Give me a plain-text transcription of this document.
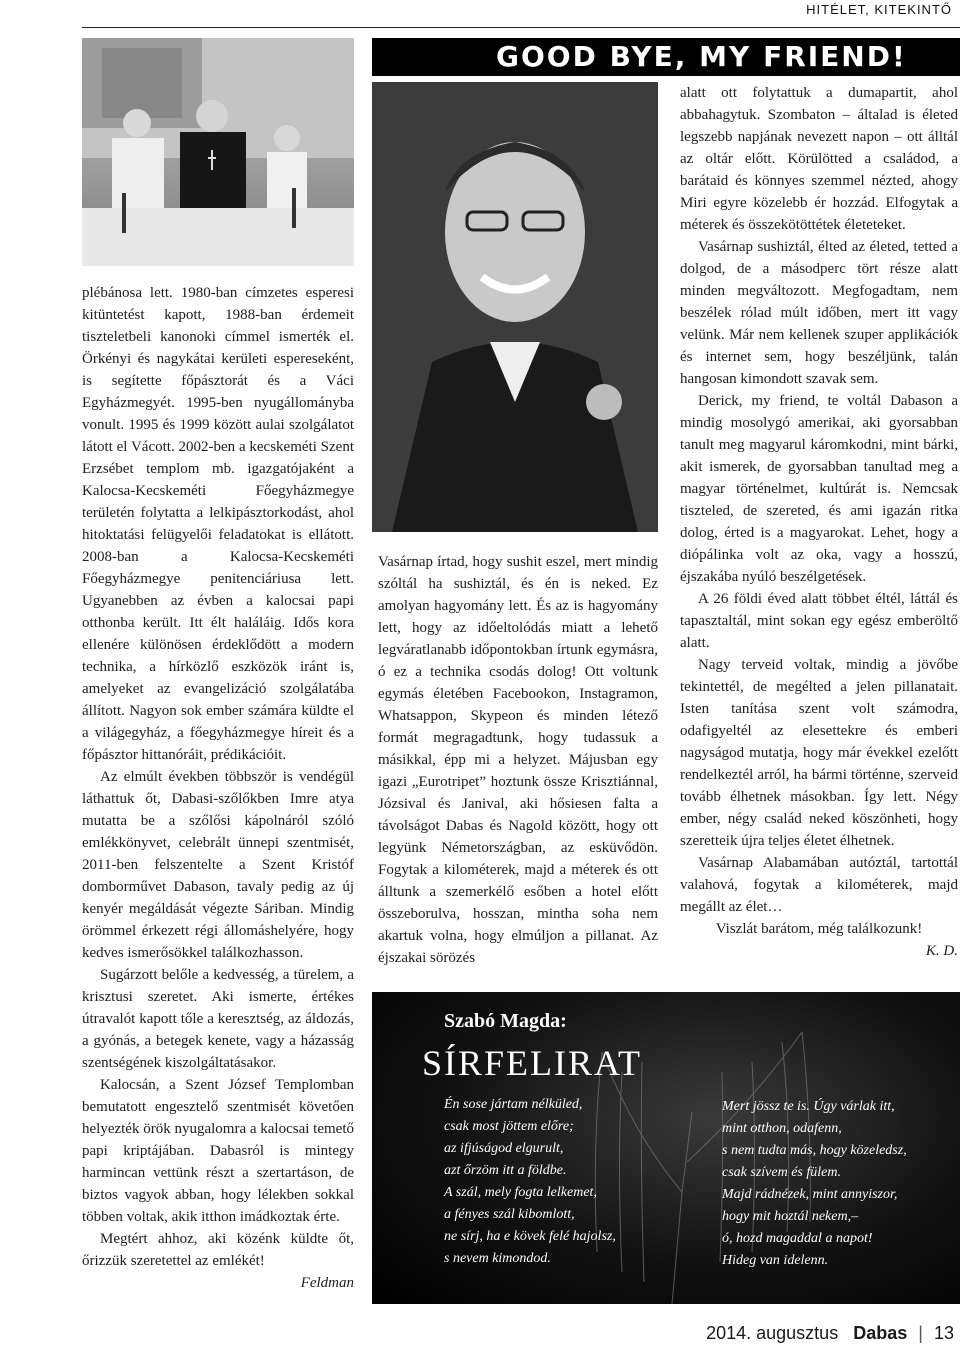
HITÉLET, KITEKINTŐ

plébánosa lett. 1980-ban címzetes esperesi kitüntetést kapott, 1988-ban érdemeit tiszteletbeli kanonoki címmel ismerték el. Örkényi és nagykátai kerületi espereseként, is segítette főpásztorát és a Váci Egyházmegyét. 1995-ben nyugállományba vonult. 1995 és 1999 között aulai szolgálatot látott el Vácott. 2002-ben a kecskeméti Szent Erzsébet templom mb. igazgatójaként a Kalocsa-Kecskeméti Főegyházmegye területén folytatta a lelkipásztorkodást, ahol hitoktatási felügyelői feladatokat is ellátott. 2008-ban a Kalocsa-Kecskeméti Főegyházmegye penitenciáriusa lett. Ugyanebben az évben a kalocsai papi otthonba került. Itt élt haláláig. Idős kora ellenére különösen érdeklődött a modern technika, a hírközlő eszközök iránt is, amelyeket az evangelizáció szolgálatába állított. Nagyon sok ember számára küldte el a világegyház, a főegyházmegye híreit és a főpásztor hittanóráit, prédikációit.

Az elmúlt években többször is vendégül láthattuk őt, Dabasi-szőlőkben Imre atya mutatta be a szőlősi kápolnáról szóló emlékkönyvet, celebrált ünnepi szentmisét, 2011-ben felszentelte a Szent Kristóf domborművet Dabason, tavaly pedig az új kenyér megáldását végezte Sáriban. Mindig örömmel érkezett régi állomáshelyére, hogy kedves ismerősökkel találkozhasson.

Sugárzott belőle a kedvesség, a türelem, a krisztusi szeretet. Aki ismerte, értékes útravalót kapott tőle a keresztség, az áldozás, a gyónás, a betegek kenete, vagy a házasság szentségének kiszolgáltatásakor.

Kalocsán, a Szent József Templomban bemutatott engesztelő szentmisét követően helyezték örök nyugalomra a kalocsai temető papi kriptájában. Dabasról is mintegy harmincan vettünk részt a szertartáson, de biztos vagyok abban, hogy lélekben sokkal többen voltak, akik itthon imádkoztak érte.

Megtért ahhoz, aki közénk küldte őt, őrizzük szeretettel az emlékét!

Feldman

GOOD BYE, MY FRIEND!

Vasárnap írtad, hogy sushit eszel, mert mindig szóltál ha sushiztál, és én is neked. Ez amolyan hagyomány lett. És az is hagyomány lett, hogy az időeltolódás miatt a lehető legváratlanabb időpontokban írtunk egymásra, ó ez a technika csodás dolog! Ott voltunk egymás életében Facebookon, Instagramon, Whatsappon, Skypeon és minden létező formát megragadtunk, hogy tudassuk a másikkal, épp mi a helyzet. Májusban egy igazi „Eurotripet” hoztunk össze Krisztiánnal, Józsival és Janival, aki hősiesen falta a távolságot Dabas és Nagold között, hogy ott legyünk Németországban, az esküvődön. Fogytak a kilométerek, majd a méterek és ott álltunk a szemerkélő esőben a hotel előtt összeborulva, hosszan, mintha soha nem akartuk volna, hogy elmúljon a pillanat. Az éjszakai sörözés

alatt ott folytattuk a dumapartit, ahol abbahagytuk. Szombaton – általad is életed legszebb napjának nevezett napon – ott álltál az oltár előtt. Körülötted a családod, a barátaid és könnyes szemmel nézted, ahogy Miri egyre közelebb ér hozzád. Elfogytak a méterek és összekötöttétek életeteket.

Vasárnap sushiztál, élted az életed, tetted a dolgod, de a másodperc tört része alatt minden megváltozott. Megfogadtam, nem beszélek rólad múlt időben, mert itt vagy velünk. Már nem kellenek szuper applikációk és internet sem, hogy beszéljünk, talán hangosan kimondott szavak sem.

Derick, my friend, te voltál Dabason a mindig mosolygó amerikai, aki gyorsabban tanult meg magyarul káromkodni, mint bárki, akit ismerek, de gyorsabban tanultad meg a magyar történelmet, kultúrát is. Nemcsak tiszteled, de szereted, és ami igazán ritka dolog, érted is a magyarokat. Lehet, hogy a diópálinka volt az oka, vagy a hosszú, éjszakába nyúló beszélgetések.

A 26 földi éved alatt többet éltél, láttál és tapasztaltál, mint sokan egy egész emberöltő alatt.

Nagy terveid voltak, mindig a jövőbe tekintettél, de megélted a jelen pillanatait. Isten tanítása szent volt számodra, odafigyeltél az elesettekre és emberi nagyságod mutatja, hogy már évekkel ezelőtt rendelkeztél arról, ha bármi történne, szerveid tovább élhetnek másokban. Így lett. Négy ember, négy család neked köszönheti, hogy szeretteik újra teljes életet élhetnek.

Vasárnap Alabamában autóztál, tartottál valahová, fogytak a kilométerek, majd megállt az élet…

Viszlát barátom, még találkozunk!

K. D.

Szabó Magda:
SÍRFELIRAT
Én sose jártam nélküled,
csak most jöttem előre;
az ifjúságod elgurult,
azt őrzöm itt a földbe.
A szál, mely fogta lelkemet,
a fényes szál kibomlott,
ne sírj, ha e kövek felé hajolsz,
s nevem kimondod.
Mert jössz te is. Úgy várlak itt,
mint otthon, odafenn,
s nem tudta más, hogy közeledsz,
csak szívem és fülem.
Majd rádnézek, mint annyiszor,
hogy mit hoztál nekem,–
ó, hozd magaddal a napot!
Hideg van idelenn.
2014. augusztus Dabas | 13
